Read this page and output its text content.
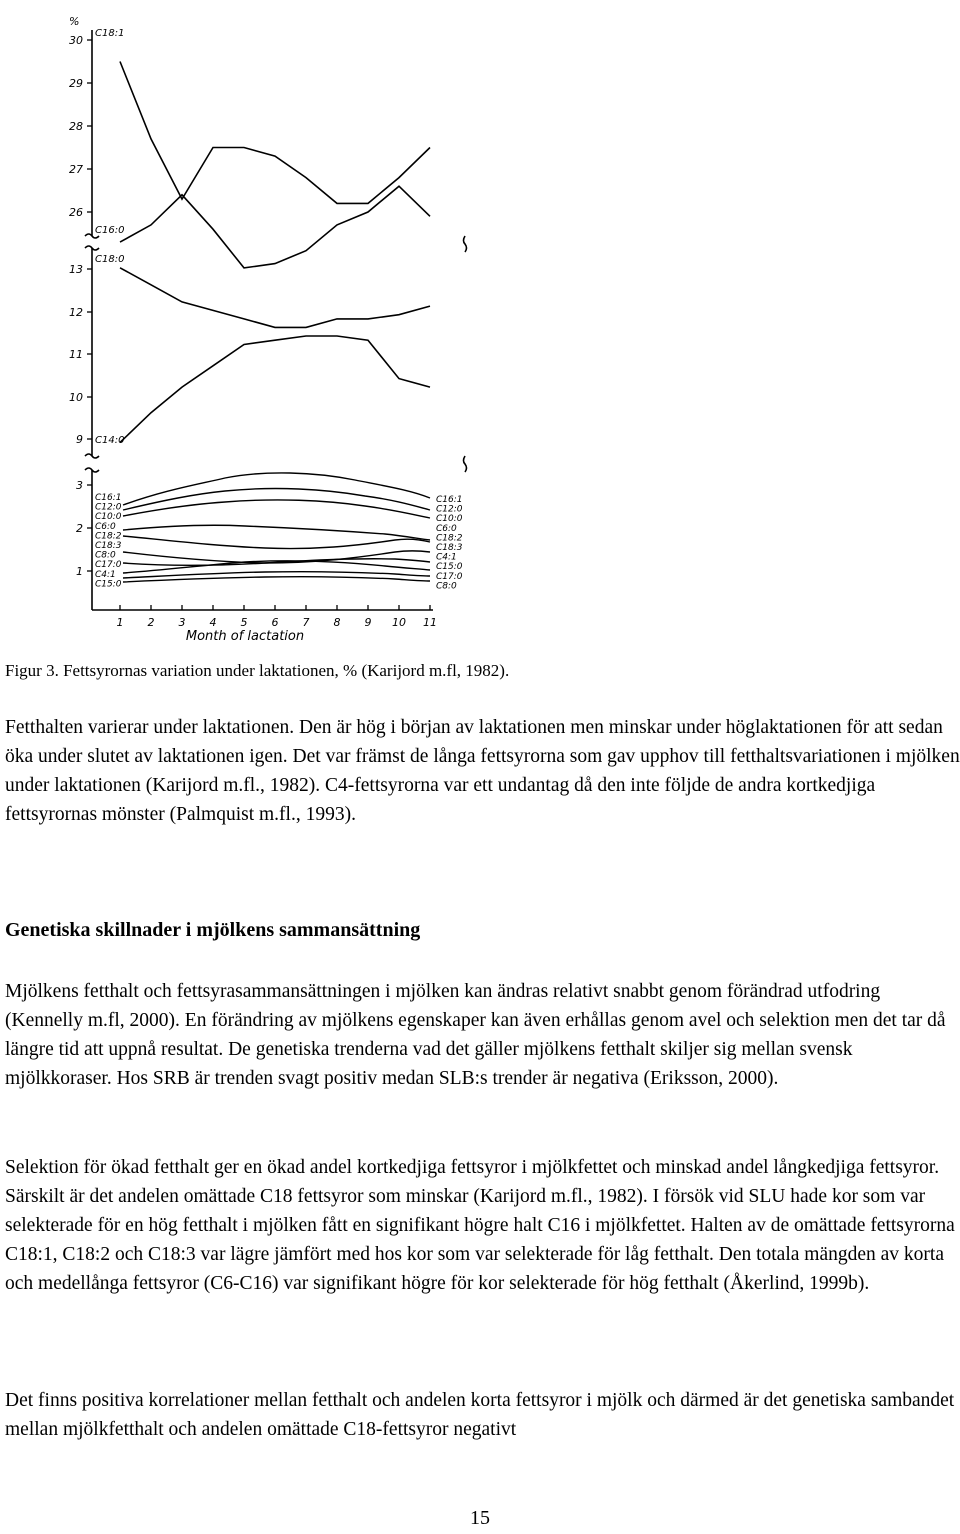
%
30
29
28
27
26
13
12
11
10
9
3
2
1
1 2 3 4 5 6 7 8 9 10 11
Month of lactation
C18:1
C16:0
C18:0
C14:0
C16:1
C12:0
C10:0
C6:0
C18:2
C18:3
C8:0
C17:0
C4:1
C15:0
C16:1
C12:0
C10:0
C6:0
C18:2
C18:3
C4:1
C15:0
C17:0
C8:0
Figur 3. Fettsyrornas variation under laktationen, % (Karijord m.fl, 1982).

Fetthalten varierar under laktationen. Den är hög i början av laktationen men minskar under höglaktationen för att sedan öka under slutet av laktationen igen. Det var främst de långa fettsyrorna som gav upphov till fetthaltsvariationen i mjölken under laktationen (Karijord m.fl., 1982). C4-fettsyrorna var ett undantag då den inte följde de andra kortkedjiga fettsyrornas mönster (Palmquist m.fl., 1993).

Genetiska skillnader i mjölkens sammansättning

Mjölkens fetthalt och fettsyrasammansättningen i mjölken kan ändras relativt snabbt genom förändrad utfodring (Kennelly m.fl, 2000). En förändring av mjölkens egenskaper kan även erhållas genom avel och selektion men det tar då längre tid att uppnå resultat. De genetiska trenderna vad det gäller mjölkens fetthalt skiljer sig mellan svensk mjölkkoraser. Hos SRB är trenden svagt positiv medan SLB:s trender är negativa (Eriksson, 2000).

Selektion för ökad fetthalt ger en ökad andel kortkedjiga fettsyror i mjölkfettet och minskad andel långkedjiga fettsyror. Särskilt är det andelen omättade C18 fettsyror som minskar (Karijord m.fl., 1982). I försök vid SLU hade kor som var selekterade för en hög fetthalt i mjölken fått en signifikant högre halt C16 i mjölkfettet. Halten av de omättade fettsyrorna C18:1, C18:2 och C18:3 var lägre jämfört med hos kor som var selekterade för låg fetthalt. Den totala mängden av korta och medellånga fettsyror (C6-C16) var signifikant högre för kor selekterade för hög fetthalt (Åkerlind, 1999b).

Det finns positiva korrelationer mellan fetthalt och andelen korta fettsyror i mjölk och därmed är det genetiska sambandet mellan mjölkfetthalt och andelen omättade C18-fettsyror negativt

15
